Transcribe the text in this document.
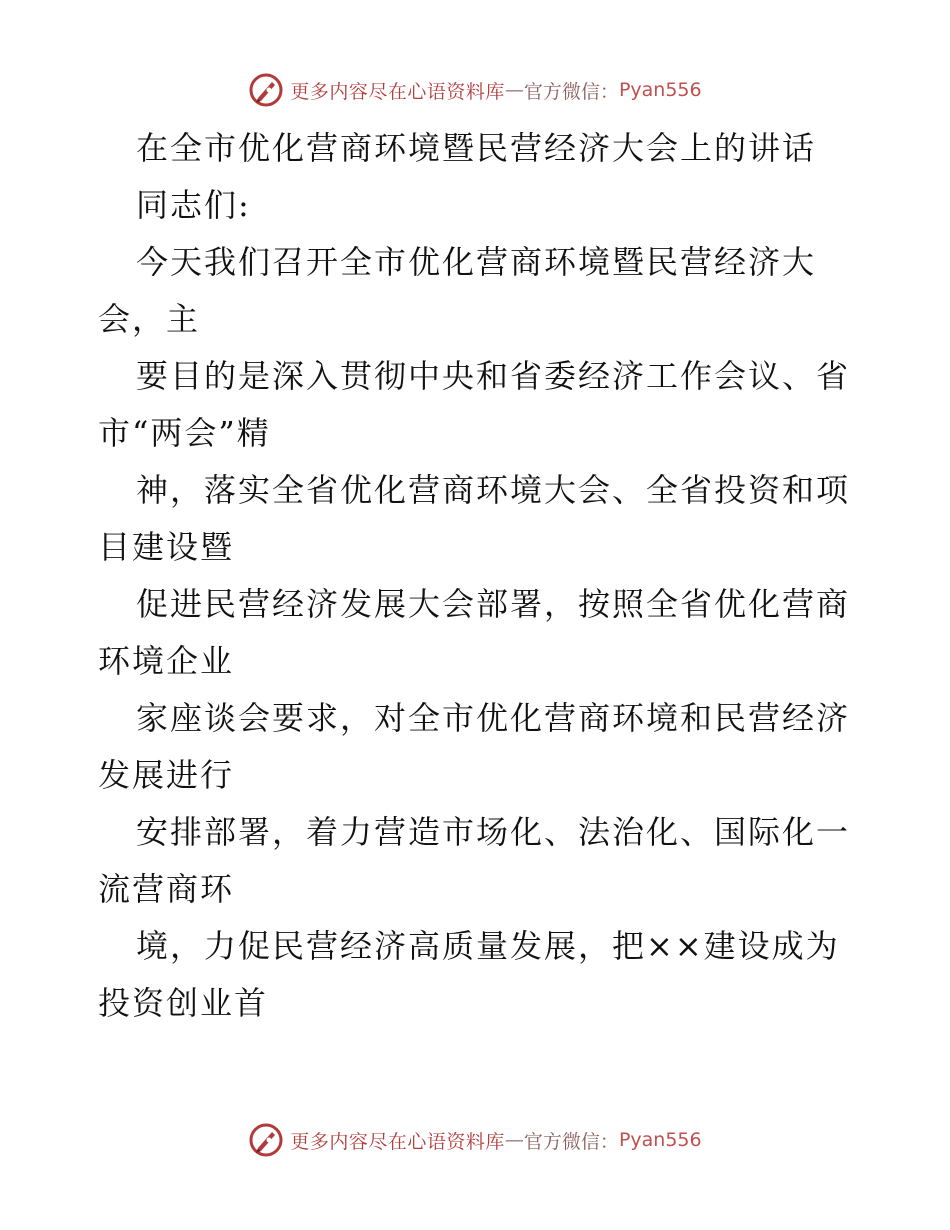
更多内容尽在心语资料库 — 官方微信： Pyan556
在全市优化营商环境暨民营经济大会上的讲话
同志们:
今天我们召开全市优化营商环境暨民营经济大
会，主
要目的是深入贯彻中央和省委经济工作会议、省
市“两会”精
神，落实全省优化营商环境大会、全省投资和项
目建设暨
促进民营经济发展大会部署，按照全省优化营商
环境企业
家座谈会要求，对全市优化营商环境和民营经济
发展进行
安排部署，着力营造市场化、法治化、国际化一
流营商环
境，力促民营经济高质量发展，把××建设成为
投资创业首
更多内容尽在心语资料库 — 官方微信： Pyan556
